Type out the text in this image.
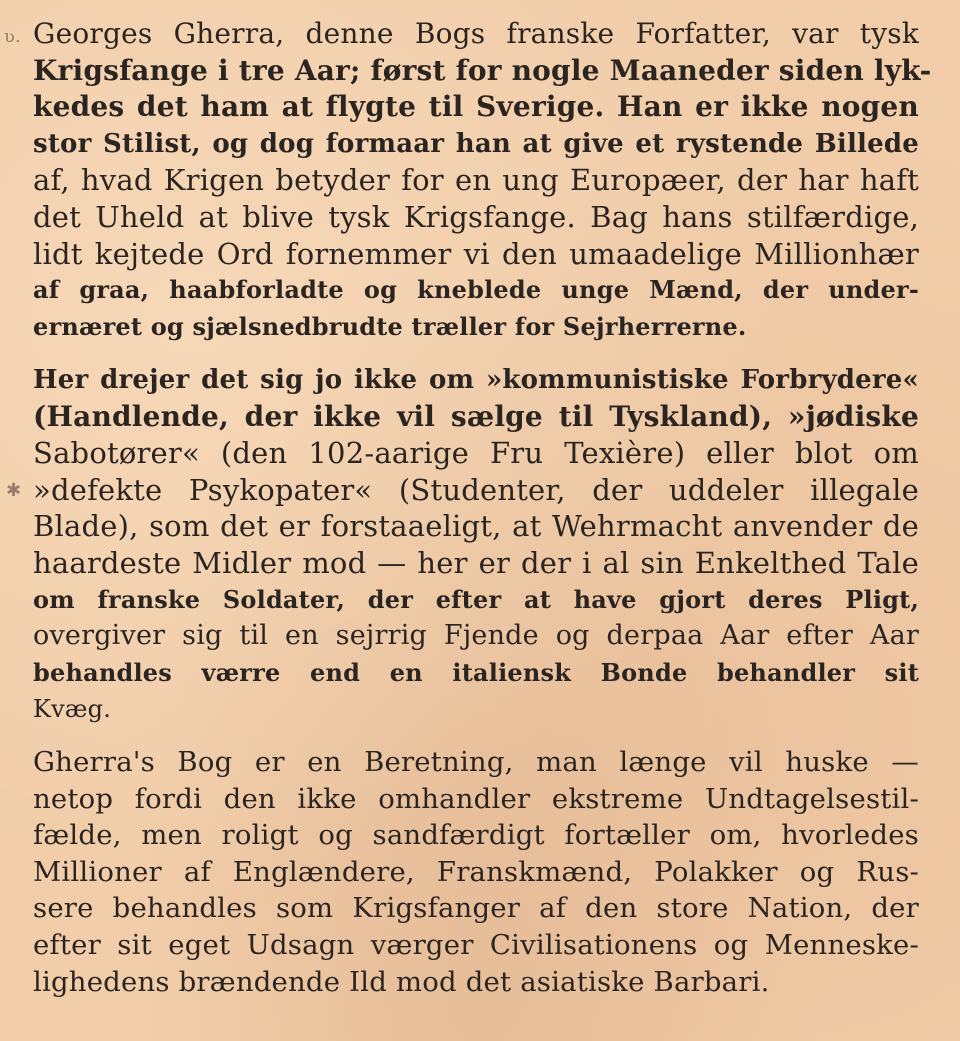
ʋ.
✱
Georges Gherra, denne Bogs franske Forfatter, var tysk
Krigsfange i tre Aar; først for nogle Maaneder siden lyk-
kedes det ham at flygte til Sverige. Han er ikke nogen
stor Stilist, og dog formaar han at give et rystende Billede
af, hvad Krigen betyder for en ung Europæer, der har haft
det Uheld at blive tysk Krigsfange. Bag hans stilfærdige,
lidt kejtede Ord fornemmer vi den umaadelige Millionhær
af graa, haabforladte og kneblede unge Mænd, der under-
ernæret og sjælsnedbrudte træller for Sejrherrerne.
Her drejer det sig jo ikke om »kommunistiske Forbrydere«
(Handlende, der ikke vil sælge til Tyskland), »jødiske
Sabotører« (den 102-aarige Fru Texière) eller blot om
»defekte Psykopater« (Studenter, der uddeler illegale
Blade), som det er forstaaeligt, at Wehrmacht anvender de
haardeste Midler mod — her er der i al sin Enkelthed Tale
om franske Soldater, der efter at have gjort deres Pligt,
overgiver sig til en sejrrig Fjende og derpaa Aar efter Aar
behandles værre end en italiensk Bonde behandler sit
Kvæg.
Gherra's Bog er en Beretning, man længe vil huske —
netop fordi den ikke omhandler ekstreme Undtagelsestil-
fælde, men roligt og sandfærdigt fortæller om, hvorledes
Millioner af Englændere, Franskmænd, Polakker og Rus-
sere behandles som Krigsfanger af den store Nation, der
efter sit eget Udsagn værger Civilisationens og Menneske-
lighedens brændende Ild mod det asiatiske Barbari.
